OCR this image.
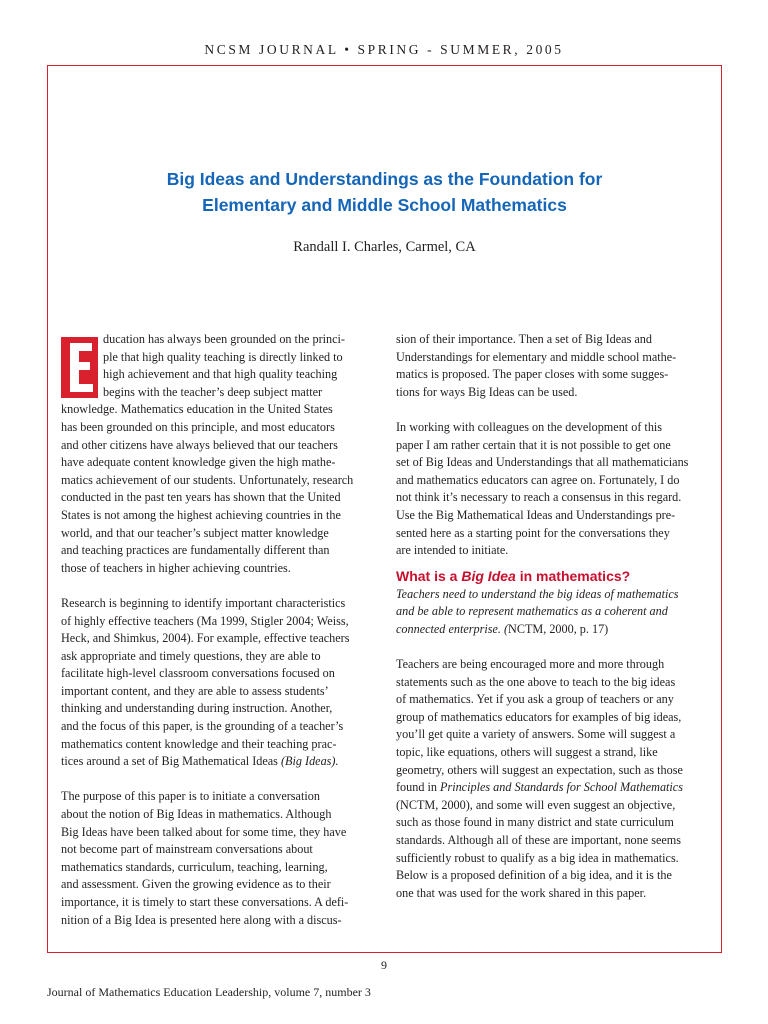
NCSM JOURNAL • SPRING - SUMMER, 2005
Big Ideas and Understandings as the Foundation for
Elementary and Middle School Mathematics
Randall I. Charles, Carmel, CA
E	ducation has always been grounded on the princi-
ple that high quality teaching is directly linked to
high achievement and that high quality teaching
begins with the teacher’s deep subject matter
knowledge. Mathematics education in the United States
has been grounded on this principle, and most educators
and other citizens have always believed that our teachers
have adequate content knowledge given the high mathe-
matics achievement of our students. Unfortunately, research
conducted in the past ten years has shown that the United
States is not among the highest achieving countries in the
world, and that our teacher’s subject matter knowledge
and teaching practices are fundamentally different than
those of teachers in higher achieving countries.
Research is beginning to identify important characteristics
of highly effective teachers (Ma 1999, Stigler 2004; Weiss,
Heck, and Shimkus, 2004). For example, effective teachers
ask appropriate and timely questions, they are able to
facilitate high-level classroom conversations focused on
important content, and they are able to assess students’
thinking and understanding during instruction. Another,
and the focus of this paper, is the grounding of a teacher’s
mathematics content knowledge and their teaching prac-
tices around a set of Big Mathematical Ideas (Big Ideas).
The purpose of this paper is to initiate a conversation
about the notion of Big Ideas in mathematics. Although
Big Ideas have been talked about for some time, they have
not become part of mainstream conversations about
mathematics standards, curriculum, teaching, learning,
and assessment. Given the growing evidence as to their
importance, it is timely to start these conversations. A defi-
nition of a Big Idea is presented here along with a discus-
sion of their importance. Then a set of Big Ideas and
Understandings for elementary and middle school mathe-
matics is proposed. The paper closes with some sugges-
tions for ways Big Ideas can be used.
In working with colleagues on the development of this
paper I am rather certain that it is not possible to get one
set of Big Ideas and Understandings that all mathematicians
and mathematics educators can agree on. Fortunately, I do
not think it’s necessary to reach a consensus in this regard.
Use the Big Mathematical Ideas and Understandings pre-
sented here as a starting point for the conversations they
are intended to initiate.
What is a Big Idea in mathematics?
Teachers need to understand the big ideas of mathematics
and be able to represent mathematics as a coherent and
connected enterprise. (NCTM, 2000, p. 17)
Teachers are being encouraged more and more through
statements such as the one above to teach to the big ideas
of mathematics. Yet if you ask a group of teachers or any
group of mathematics educators for examples of big ideas,
you’ll get quite a variety of answers. Some will suggest a
topic, like equations, others will suggest a strand, like
geometry, others will suggest an expectation, such as those
found in Principles and Standards for School Mathematics
(NCTM, 2000), and some will even suggest an objective,
such as those found in many district and state curriculum
standards. Although all of these are important, none seems
sufficiently robust to qualify as a big idea in mathematics.
Below is a proposed definition of a big idea, and it is the
one that was used for the work shared in this paper.
9
Journal of Mathematics Education Leadership, volume 7, number 3
